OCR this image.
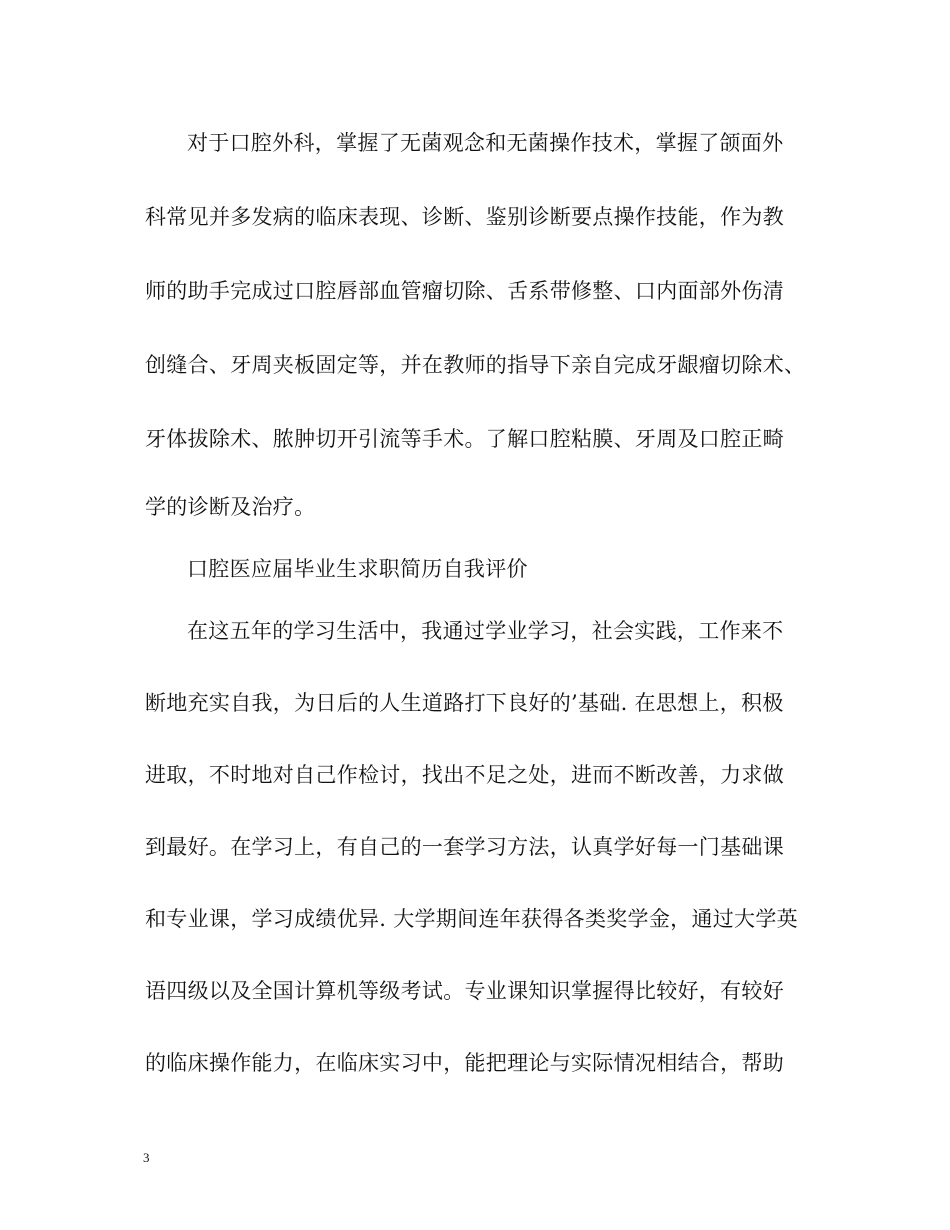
对于口腔外科，掌握了无菌观念和无菌操作技术，掌握了颌面外
科常见并多发病的临床表现、诊断、鉴别诊断要点操作技能，作为教
师的助手完成过口腔唇部血管瘤切除、舌系带修整、口内面部外伤清
创缝合、牙周夹板固定等，并在教师的指导下亲自完成牙龈瘤切除术、
牙体拔除术、脓肿切开引流等手术。了解口腔粘膜、牙周及口腔正畸
学的诊断及治疗。
口腔医应届毕业生求职简历自我评价
在这五年的学习生活中，我通过学业学习，社会实践，工作来不
断地充实自我，为日后的人生道路打下良好的’基础. 在思想上，积极
进取，不时地对自己作检讨，找出不足之处，进而不断改善，力求做
到最好。在学习上，有自己的一套学习方法，认真学好每一门基础课
和专业课，学习成绩优异. 大学期间连年获得各类奖学金，通过大学英
语四级以及全国计算机等级考试。专业课知识掌握得比较好，有较好
的临床操作能力，在临床实习中，能把理论与实际情况相结合，帮助
3
